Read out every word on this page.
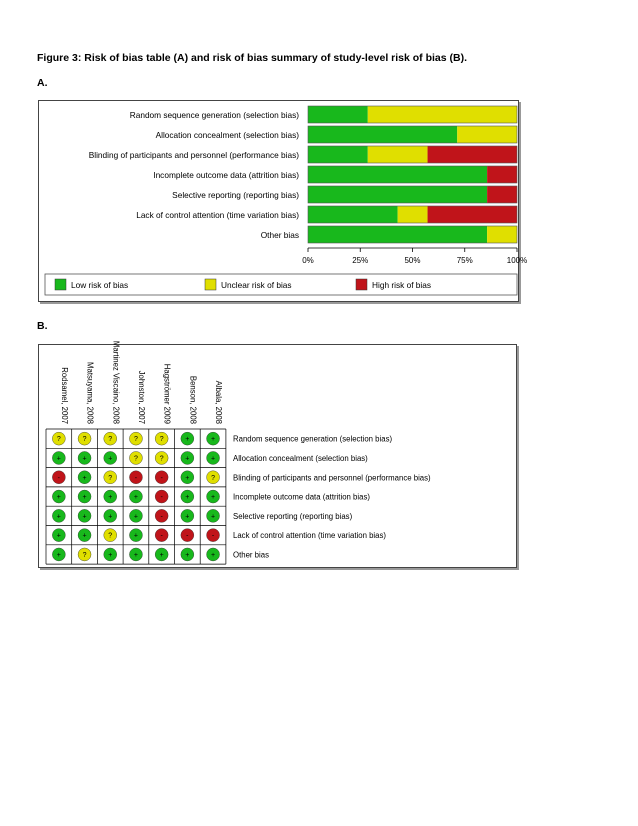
Figure 3: Risk of bias table (A) and risk of bias summary of study-level risk of bias (B).
A.
B.
Random sequence generation (selection bias)
Allocation concealment (selection bias)
Blinding of participants and personnel (performance bias)
Incomplete outcome data (attrition bias)
Selective reporting (reporting bias)
Lack of control attention (time variation bias)
Other bias
0%	25%	50%	75%	100%
Low risk of bias	Unclear risk of bias	High risk of bias
Rodsamel, 2007 Matsuyama, 2008 Martinez Viscaino, 2008 Johnston, 2007 Hagströmer 2009 Benson, 2008 Albala, 2008
?	?	?	?	?	+	+
+	+	+	?	?	+	+
-	+	?	-	-	+	?
+	+	+	+	-	+	+
+	+	+	+	-	+	+
+	+	?	+	-	-	-
+	?	+	+	+	+	+
Random sequence generation (selection bias)
Allocation concealment (selection bias)
Blinding of participants and personnel (performance bias)
Incomplete outcome data (attrition bias)
Selective reporting (reporting bias)
Lack of control attention (time variation bias)
Other bias
